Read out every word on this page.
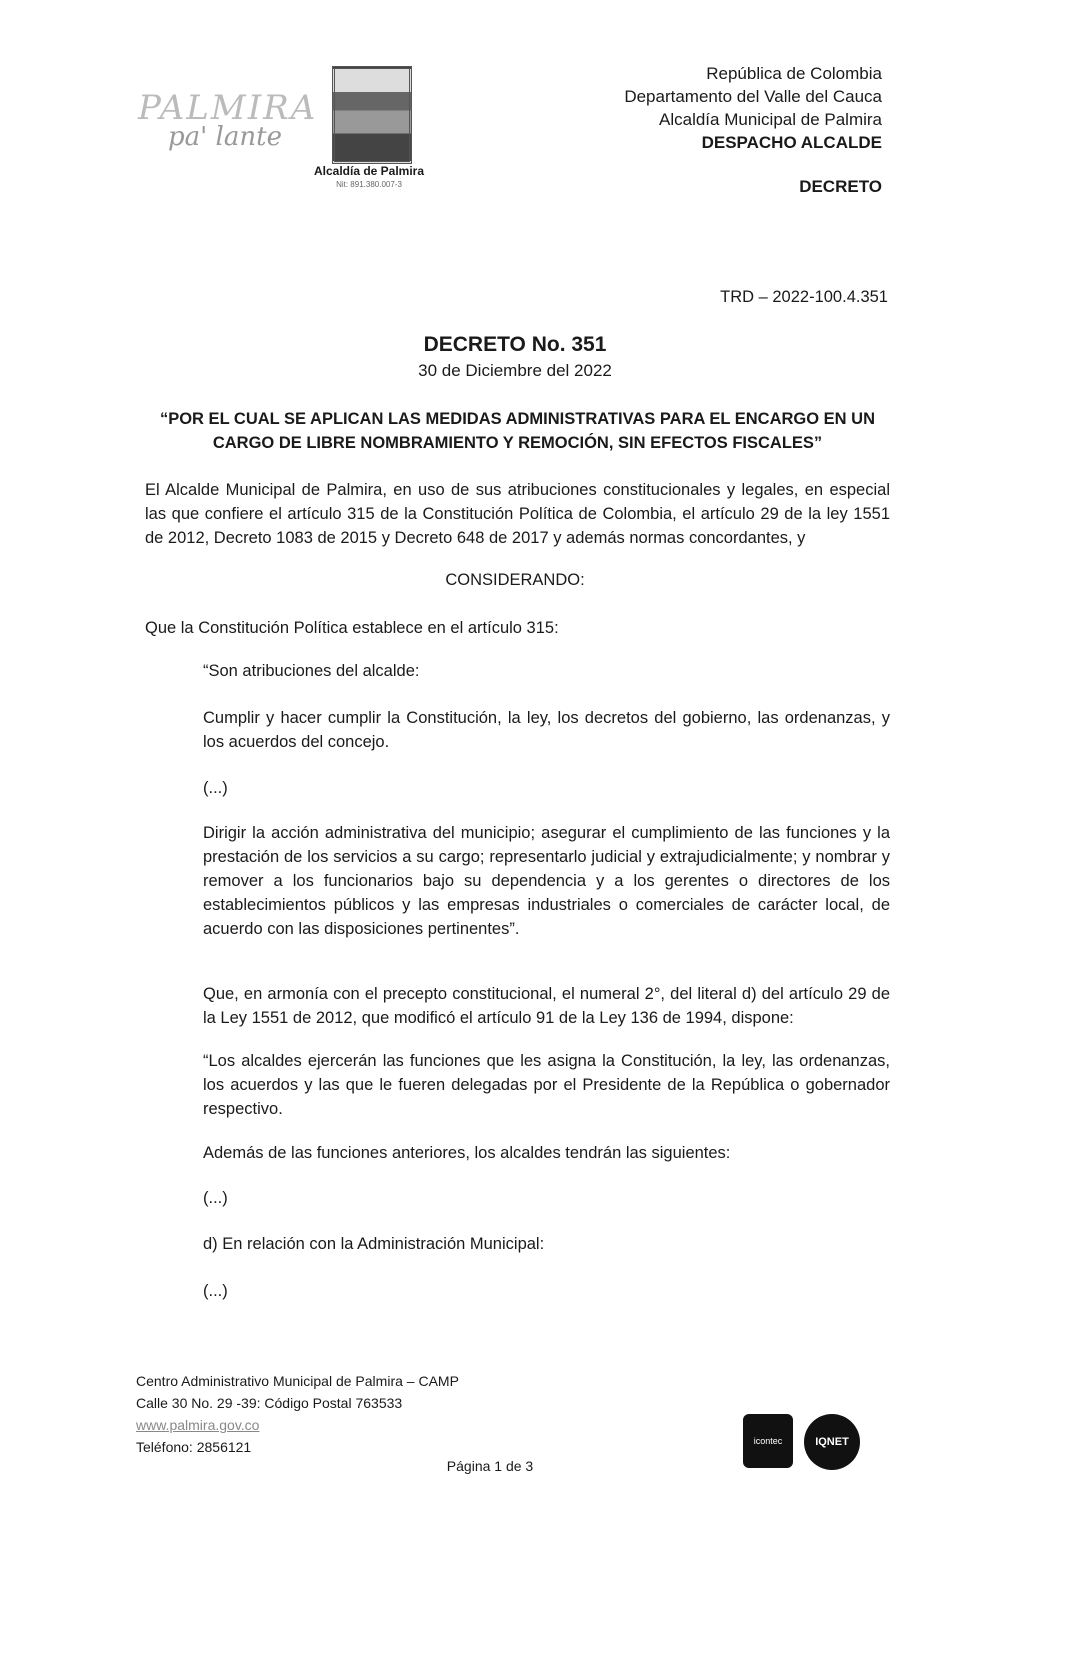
PALMIRA
pa' lante
Alcaldía de Palmira
Nit: 891.380.007-3
República de Colombia
Departamento del Valle del Cauca
Alcaldía Municipal de Palmira
DESPACHO ALCALDE
DECRETO
TRD – 2022-100.4.351
DECRETO No. 351
30 de Diciembre del 2022
“POR EL CUAL SE APLICAN LAS MEDIDAS ADMINISTRATIVAS PARA EL ENCARGO EN UN
CARGO DE LIBRE NOMBRAMIENTO Y REMOCIÓN, SIN EFECTOS FISCALES”
El Alcalde Municipal de Palmira, en uso de sus atribuciones constitucionales y legales, en especial las que confiere el artículo 315 de la Constitución Política de Colombia, el artículo 29 de la ley 1551 de 2012, Decreto 1083 de 2015 y Decreto 648 de 2017 y además normas concordantes, y
CONSIDERANDO:
Que la Constitución Política establece en el artículo 315:
“Son atribuciones del alcalde:
Cumplir y hacer cumplir la Constitución, la ley, los decretos del gobierno, las ordenanzas, y los acuerdos del concejo.
(...)
Dirigir la acción administrativa del municipio; asegurar el cumplimiento de las funciones y la prestación de los servicios a su cargo; representarlo judicial y extrajudicialmente; y nombrar y remover a los funcionarios bajo su dependencia y a los gerentes o directores de los establecimientos públicos y las empresas industriales o comerciales de carácter local, de acuerdo con las disposiciones pertinentes”.
Que, en armonía con el precepto constitucional, el numeral 2°, del literal d) del artículo 29 de la Ley 1551 de 2012, que modificó el artículo 91 de la Ley 136 de 1994, dispone:
“Los alcaldes ejercerán las funciones que les asigna la Constitución, la ley, las ordenanzas, los acuerdos y las que le fueren delegadas por el Presidente de la República o gobernador respectivo.
Además de las funciones anteriores, los alcaldes tendrán las siguientes:
(...)
d) En relación con la Administración Municipal:
(...)
Centro Administrativo Municipal de Palmira – CAMP
Calle 30 No. 29 -39: Código Postal 763533
www.palmira.gov.co
Teléfono: 2856121	icontec	IQNET
Página 1 de 3
